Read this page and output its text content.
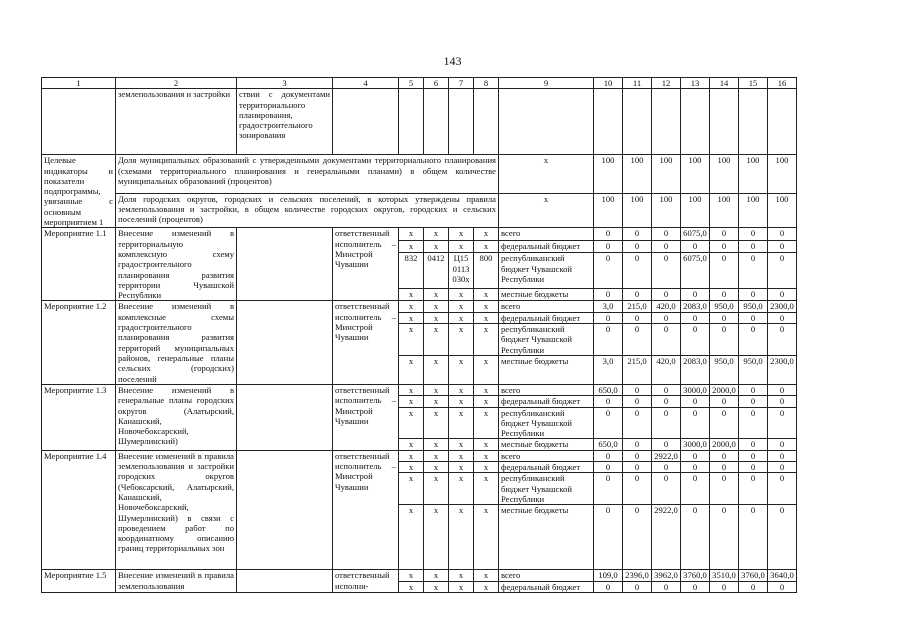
143
1	2	3	4	5	6	7	8	9	10	11	12	13	14	15	16
	землепользования и застройки	ствии с документами территориального планирования, градостроительного зонирования													
Целевые индикаторы и показатели подпрограммы, увязанные с основным мероприятием 1	Доля муниципальных образований с утвержденными документами территориального планирования (схемами территориального планирования и генеральными планами) в общем количестве муниципальных образований (процентов)							x	100	100	100	100	100	100	100
	Доля городских округов, городских и сельских поселений, в которых утверждены правила землепользования и застройки, в общем количестве городских округов, городских и сельских поселений (процентов)							x	100	100	100	100	100	100	100
Мероприятие 1.1	Внесение изменений в территориальную комплексную схему градостроительного планирования развития территории Чувашской Республики		ответственный исполнитель – Минстрой Чувашии	x	x	x	x	всего	0	0	0	6075,0	0	0	0
				x	x	x	x	федеральный бюджет	0	0	0	0	0	0	0
				832	0412	Ц15 0113 030x	800	республиканский бюджет Чувашской Республики	0	0	0	6075,0	0	0	0
				x	x	x	x	местные бюджеты	0	0	0	0	0	0	0
Мероприятие 1.2	Внесение изменений в комплексные схемы градостроительного планирования развития территорий муниципальных районов, генеральные планы сельских (городских) поселений		ответственный исполнитель – Минстрой Чувашии	x	x	x	x	всего	3,0	215,0	420,0	2083,0	950,0	950,0	2300,0
				x	x	x	x	федеральный бюджет	0	0	0	0	0	0	0
				x	x	x	x	республиканский бюджет Чувашской Республики	0	0	0	0	0	0	0
				x	x	x	x	местные бюджеты	3,0	215,0	420,0	2083,0	950,0	950,0	2300,0
Мероприятие 1.3	Внесение изменений в генеральные планы городских округов (Алатырский, Канашский, Новочебоксарский, Шумерлинский)		ответственный исполнитель – Минстрой Чувашии	x	x	x	x	всего	650,0	0	0	3000,0	2000,0	0	0
				x	x	x	x	федеральный бюджет	0	0	0	0	0	0	0
				x	x	x	x	республиканский бюджет Чувашской Республики	0	0	0	0	0	0	0
				x	x	x	x	местные бюджеты	650,0	0	0	3000,0	2000,0	0	0
Мероприятие 1.4	Внесение изменений в правила землепользования и застройки городских округов (Чебоксарский, Алатырский, Канашский, Новочебоксарский, Шумерлинский) в связи с проведением работ по координатному описанию границ территориальных зон		ответственный исполнитель – Минстрой Чувашии	x	x	x	x	всего	0	0	2922,0	0	0	0	0
				x	x	x	x	федеральный бюджет	0	0	0	0	0	0	0
				x	x	x	x	республиканский бюджет Чувашской Республики	0	0	0	0	0	0	0
				x	x	x	x	местные бюджеты	0	0	2922,0	0	0	0	0
Мероприятие 1.5	Внесение изменений в правила землепользования		ответственный исполни-	x	x	x	x	всего	109,0	2396,0	3962,0	3760,0	3510,0	3760,0	3640,0
				x	x	x	x	федеральный бюджет	0	0	0	0	0	0	0
